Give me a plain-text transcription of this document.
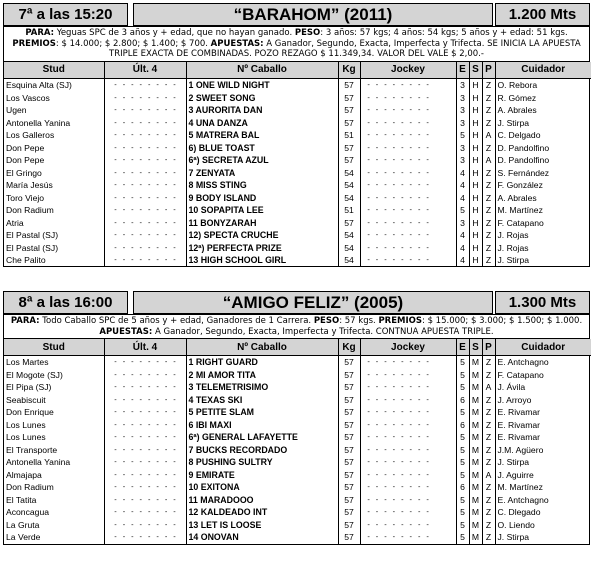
7ª a las 15:20	“BARAHOM” (2011)	1.200 Mts
PARA: Yeguas SPC de 3 años y + edad, que no hayan ganado. PESO: 3 años: 57 kgs; 4 años: 54 kgs; 5 años y + edad: 51 kgs. PREMIOS: $ 14.000; $ 2.800; $ 1.400; $ 700. APUESTAS: A Ganador, Segundo, Exacta, Imperfecta y Trifecta. SE INICIA LA APUESTA TRIPLE EXACTA DE COMBINADAS. POZO REZAGO $ 11.349,34. VALOR DEL VALE $ 2,00.-
Stud	Últ. 4	Nº Caballo	Kg	Jockey	E	S	P	Cuidador
Esquina Alta (SJ)	- - - - - - - -	1 ONE WILD NIGHT	57	- - - - - - - -	3	H	Z	O. Rebora
Los Vascos	- - - - - - - -	2 SWEET SONG	57	- - - - - - - -	3	H	Z	R. Gómez
Ugen	- - - - - - - -	3 AURORITA DAN	57	- - - - - - - -	3	H	Z	A. Abrales
Antonella Yanina	- - - - - - - -	4 UNA DANZA	57	- - - - - - - -	3	H	Z	J. Stirpa
Los Galleros	- - - - - - - -	5 MATRERA BAL	51	- - - - - - - -	5	H	A	C. Delgado
Don Pepe	- - - - - - - -	6) BLUE TOAST	57	- - - - - - - -	3	H	Z	D. Pandolfino
Don Pepe	- - - - - - - -	6ª) SECRETA AZUL	57	- - - - - - - -	3	H	A	D. Pandolfino
El Gringo	- - - - - - - -	7 ZENYATA	54	- - - - - - - -	4	H	Z	S. Fernández
María Jesús	- - - - - - - -	8 MISS STING	54	- - - - - - - -	4	H	Z	F. González
Toro Viejo	- - - - - - - -	9 BODY ISLAND	54	- - - - - - - -	4	H	Z	A. Abrales
Don Radium	- - - - - - - -	10 SOPAPITA LEE	51	- - - - - - - -	5	H	Z	M. Martínez
Atria	- - - - - - - -	11 BONYZARAH	57	- - - - - - - -	3	H	Z	F. Catapano
El Pastal (SJ)	- - - - - - - -	12) SPECTA CRUCHE	54	- - - - - - - -	4	H	Z	J. Rojas
El Pastal (SJ)	- - - - - - - -	12ª) PERFECTA PRIZE	54	- - - - - - - -	4	H	Z	J. Rojas
Che Palito	- - - - - - - -	13 HIGH SCHOOL GIRL	54	- - - - - - - -	4	H	Z	J. Stirpa
8ª a las 16:00	“AMIGO FELIZ” (2005)	1.300 Mts
PARA: Todo Caballo SPC de 5 años y + edad, Ganadores de 1 Carrera. PESO: 57 kgs. PREMIOS: $ 15.000; $ 3.000; $ 1.500; $ 1.000. APUESTAS: A Ganador, Segundo, Exacta, Imperfecta y Trifecta. CONTNUA APUESTA TRIPLE.
Stud	Últ. 4	Nº Caballo	Kg	Jockey	E	S	P	Cuidador
Los Martes	- - - - - - - -	1 RIGHT GUARD	57	- - - - - - - -	5	M	Z	E. Antchagno
El Mogote (SJ)	- - - - - - - -	2 MI AMOR TITA	57	- - - - - - - -	5	M	Z	F. Catapano
El Pipa (SJ)	- - - - - - - -	3 TELEMETRISIMO	57	- - - - - - - -	5	M	A	J. Ávila
Seabiscuit	- - - - - - - -	4 TEXAS SKI	57	- - - - - - - -	6	M	Z	J. Arroyo
Don Enrique	- - - - - - - -	5 PETITE SLAM	57	- - - - - - - -	5	M	Z	E. Rivamar
Los Lunes	- - - - - - - -	6 IBI MAXI	57	- - - - - - - -	6	M	Z	E. Rivamar
Los Lunes	- - - - - - - -	6ª) GENERAL LAFAYETTE	57	- - - - - - - -	5	M	Z	E. Rivamar
El Transporte	- - - - - - - -	7 BUCKS RECORDADO	57	- - - - - - - -	5	M	Z	J.M. Agüero
Antonella Yanina	- - - - - - - -	8 PUSHING SULTRY	57	- - - - - - - -	5	M	Z	J. Stirpa
Almajapa	- - - - - - - -	9 EMIRATE	57	- - - - - - - -	5	M	A	J. Aguirre
Don Radium	- - - - - - - -	10 EXITONA	57	- - - - - - - -	6	M	Z	M. Martínez
El Tatita	- - - - - - - -	11 MARADOOO	57	- - - - - - - -	5	M	Z	E. Antchagno
Aconcagua	- - - - - - - -	12 KALDEADO INT	57	- - - - - - - -	5	M	Z	C. Dlegado
La Gruta	- - - - - - - -	13 LET IS LOOSE	57	- - - - - - - -	5	M	Z	O. Liendo
La Verde	- - - - - - - -	14 ONOVAN	57	- - - - - - - -	5	M	Z	J. Stirpa
